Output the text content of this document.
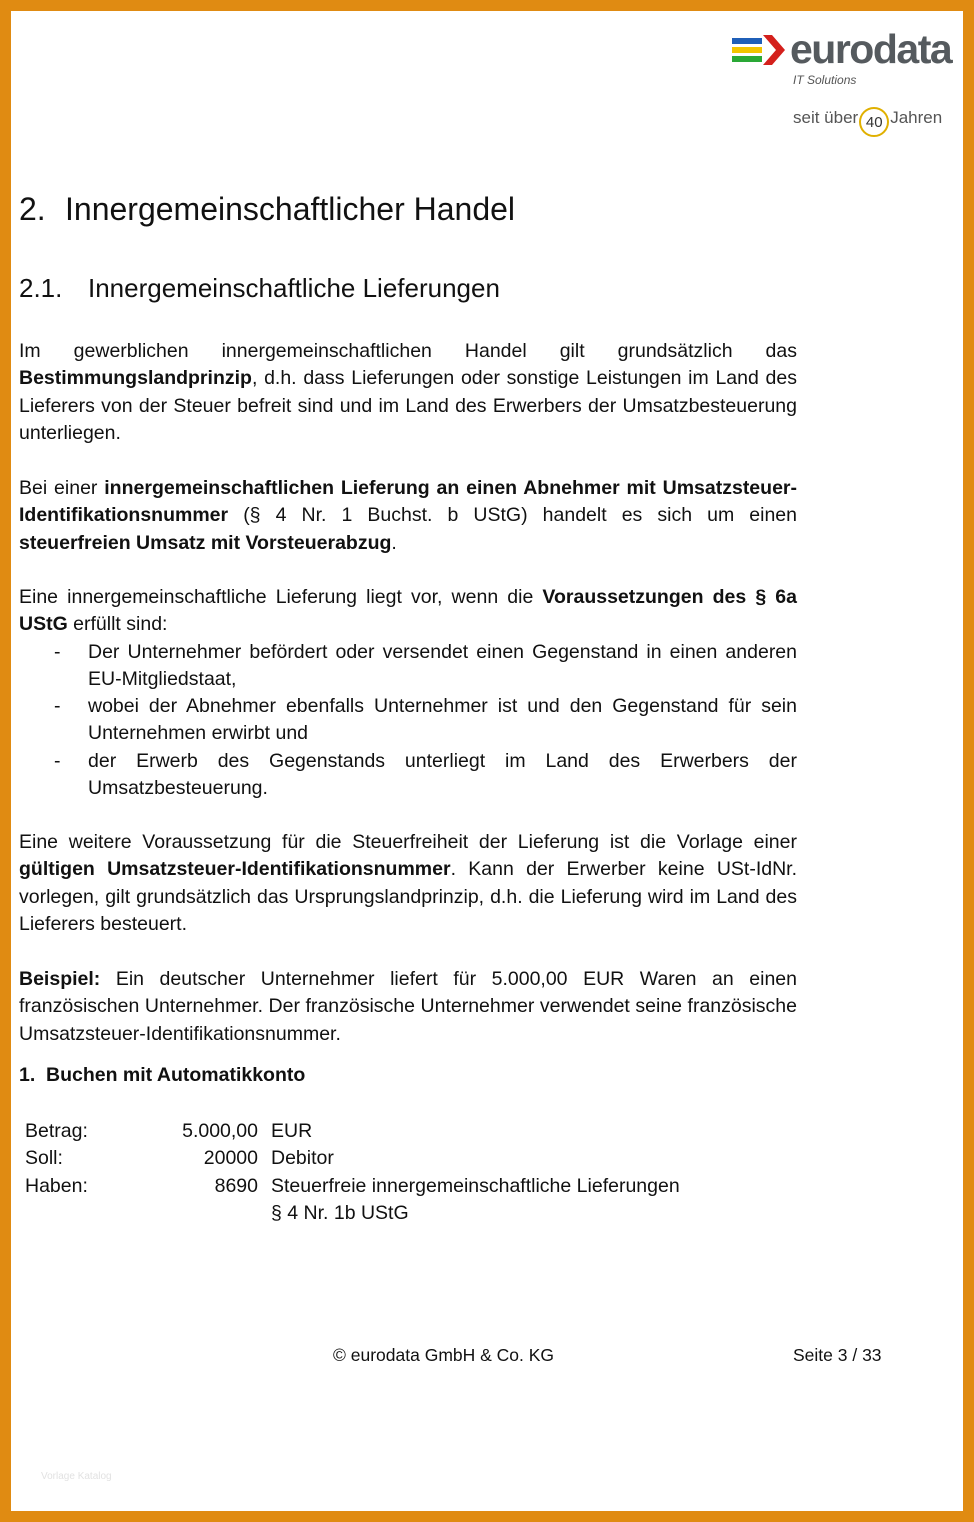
eurodata
IT Solutions
seit über 40 Jahren
2. Innergemeinschaftlicher Handel
2.1. Innergemeinschaftliche Lieferungen
Im gewerblichen innergemeinschaftlichen Handel gilt grundsätzlich das Bestimmungslandprinzip, d.h. dass Lieferungen oder sonstige Leistungen im Land des Lieferers von der Steuer befreit sind und im Land des Erwerbers der Umsatzbesteuerung unterliegen.
Bei einer innergemeinschaftlichen Lieferung an einen Abnehmer mit Umsatzsteuer-Identifikationsnummer (§ 4 Nr. 1 Buchst. b UStG) handelt es sich um einen steuerfreien Umsatz mit Vorsteuerabzug.
Eine innergemeinschaftliche Lieferung liegt vor, wenn die Voraussetzungen des § 6a UStG erfüllt sind:
- Der Unternehmer befördert oder versendet einen Gegenstand in einen anderen EU-Mitgliedstaat,
- wobei der Abnehmer ebenfalls Unternehmer ist und den Gegenstand für sein Unternehmen erwirbt und
- der Erwerb des Gegenstands unterliegt im Land des Erwerbers der Umsatzbesteuerung.
Eine weitere Voraussetzung für die Steuerfreiheit der Lieferung ist die Vorlage einer gültigen Umsatzsteuer-Identifikationsnummer. Kann der Erwerber keine USt-IdNr. vorlegen, gilt grundsätzlich das Ursprungslandprinzip, d.h. die Lieferung wird im Land des Lieferers besteuert.
Beispiel: Ein deutscher Unternehmer liefert für 5.000,00 EUR Waren an einen französischen Unternehmer. Der französische Unternehmer verwendet seine französische Umsatzsteuer-Identifikationsnummer.
1. Buchen mit Automatikkonto
Betrag:	5.000,00 EUR
Soll:	20000 Debitor
Haben:	8690 Steuerfreie innergemeinschaftliche Lieferungen
§ 4 Nr. 1b UStG
© eurodata GmbH & Co. KG	Seite 3 / 33
Vorlage Katalog
